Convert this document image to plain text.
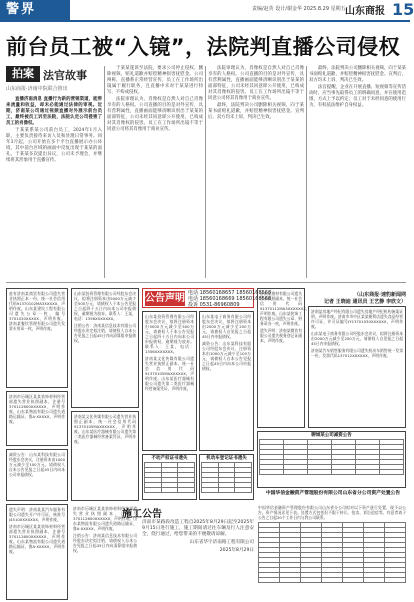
警界	责编/赵英 设计/谢金华 2025.8.29 星期五 山东商报 15
前台员工被“入镜”，法院判直播公司侵权
拍案 法官故事
山东商报·济南中院联合推出

直播济南消息 直播行为新的营销渠道，能带来流量和收益，却未必能通过法律的审视。近期，济南某公司通过视频直播对外展示前台员工，最终被员工诉至法院，法院认定公司侵害了员工的肖像权。

于某某系某公司前台员工，2024年1月入职，主要负责接待来访人员和处理日常事务。同年3月起，公司开始在多个平台直播展示办公环境，其中前台区域的画面中反复出现于某某的面孔。于某某多次提出异议，公司未予理会，并继续将其形象用于直播宣传。

于某某遂诉至法院，要求公司停止侵权、删除视频、赔礼道歉并赔偿精神损害抚慰金。公司辩称，直播系正常经营宣传，员工在工作场所出镜属于履行职务，且直播中未对于某某进行特写，不构成侵权。

法院审理认为，肖像权是自然人对自己肖像享有的人格权。公司直播的目的是对外宣传，具有营利属性，直播画面能够清晰识别出于某某的面部特征，公司未经其同意即公开使用，已构成对其肖像权的侵害。员工在工作场所出镜不等于同意公司将其肖像用于商业宣传。

法院审理认为，肖像权是自然人对自己肖像享有的人格权。公司直播的目的是对外宣传，具有营利属性，直播画面能够清晰识别出于某某的面部特征，公司未经其同意即公开使用，已构成对其肖像权的侵害。员工在工作场所出镜不等于同意公司将其肖像用于商业宣传。

最终，法院判决公司删除相关视频、向于某某书面赔礼道歉，并赔偿精神损害抚慰金。宣判后，双方均未上诉，判决已生效。

最终，法院判决公司删除相关视频、向于某某书面赔礼道歉，并赔偿精神损害抚慰金。宣判后，双方均未上诉，判决已生效。

法官提醒，企业在开展直播、短视频等宣传活动时，应当事先取得员工的明确同意，并在使用范围、方式上予以约定；员工对于未经同意的使用行为，有权依法维护自身权益。

（山东商报·速豹新闻网
记者 王晓迪 通讯员 王艺静 李欣文）
公告声明 电话 18560168657 18560168568
电话 18560168669 18560168568
投诉 0531-86960809

兹有济南某商贸有限公司遗失营业执照正本一份，统一社会信用代码91370102MA3XXXXX，声明作废。山东某建设工程有限公司遗失公章一枚，编号3701020XXXXX，声明作废。济南某餐饮管理有限公司遗失发票专用章一枚，声明作废。

济南市历城区某某装饰材料经营部遗失营业执照副本，注册号370112600XXXXXX，声明作废。山东某物流有限公司遗失道路运输证，鲁A·XXXXX，声明作废。

减资公告：山东某科技有限公司经股东会决议，注册资本由1000万元减少至100万元，请债权人自本公告见报之日起45日内向本公司申报债权。

遗失声明：济南某某汽车服务有限公司遗失开户许可证，核准号J4510XXXXXXX，声明作废。

济南市历城区某某装饰材料经营部遗失营业执照副本，注册号370112600XXXXXX，声明作废。山东某物流有限公司遗失道路运输证，鲁A·XXXXX，声明作废。

山东某投资管理有限公司经股东会决议，拟将注册资本由5000万元减少至500万元，请债权人于本公告见报之日起四十五日内向本公司申报债权，逾期视为放弃。联系人：王某，电话：1356XXXXXXX。

注销公告：济南某信息技术有限公司经股东决定拟注销，请债权人自本公告见报之日起45日内向清算组申报债权。

济南某文化传媒有限公司遗失营业执照正副本，统一社会信用代码91370105MAXXXXXX，声明作废。山东某医疗器械有限公司遗失第二类医疗器械经营备案凭证，声明作废。

山东某投资管理有限公司经股东会决议，拟将注册资本由5000万元减少至500万元，请债权人于本公告见报之日起四十五日内向本公司申报债权，逾期视为放弃。联系人：王某，电话：1356XXXXXXX。

济南某文化传媒有限公司遗失营业执照正副本，统一社会信用代码91370105MAXXXXXX，声明作废。山东某医疗器械有限公司遗失第二类医疗器械经营备案凭证，声明作废。

山东某电子商务有限公司经股东会决议，拟将注册资本由2000万元减少至200万元，请债权人自见报之日起45日内申报债权。

减资公告：山东某科技有限公司经股东会决议，注册资本由1000万元减少至100万元，请债权人自本公告见报之日起45日内向本公司申报债权。

不动产权证书遗失

			机动车登记证书遗失

济南某建材有限公司遗失营业执照副本，统一社会信用代码91370112MA3XXXXXXX，声明作废。山东某装饰工程有限公司遗失公章、财务章各一枚，声明作废。

遗失声明：济南某餐饮有限公司遗失税务登记证副本，声明作废。

济南某房地产经纪有限公司遗失房地产经纪机构备案证明，声明作废。济南市市中区某某便利店遗失食品经营许可证，许可证编号JY13701030XXXXXX，声明作废。

山东某电子商务有限公司经股东会决议，拟将注册资本由2000万元减少至200万元，请债权人自见报之日起45日内申报债权。

济南某汽车销售服务有限公司遗失机动车销售统一发票一份，发票代码137012XXXXXX，声明作废。

聊城某公司减资公告

济南市历城区某某装饰材料经营部遗失营业执照副本，注册号370112600XXXXXX，声明作废。山东某物流有限公司遗失道路运输证，鲁A·XXXXX，声明作废。

注销公告：济南某信息技术有限公司经股东决定拟注销，请债权人自本公告见报之日起45日内向清算组申报债权。

施工公告

济南市某路段改造工程自2025年8月29日起至2025年9月15日进行施工，施工期间请过往车辆及行人注意安全，绕行通过，给您带来的不便敬请谅解。

山东省华宇济南路工程有限公司

2025年8月29日

中国华信金融资产管理股份有限公司山东省分公司资产处置公告

中国华信金融资产管理股份有限公司山东省分公司拟对以下资产进行处置，现予以公告。资产情况详见下表。处置方式包括但不限于转让、拍卖、诉讼追偿等。有意者请于公告之日起20个工作日内与我公司联系。
